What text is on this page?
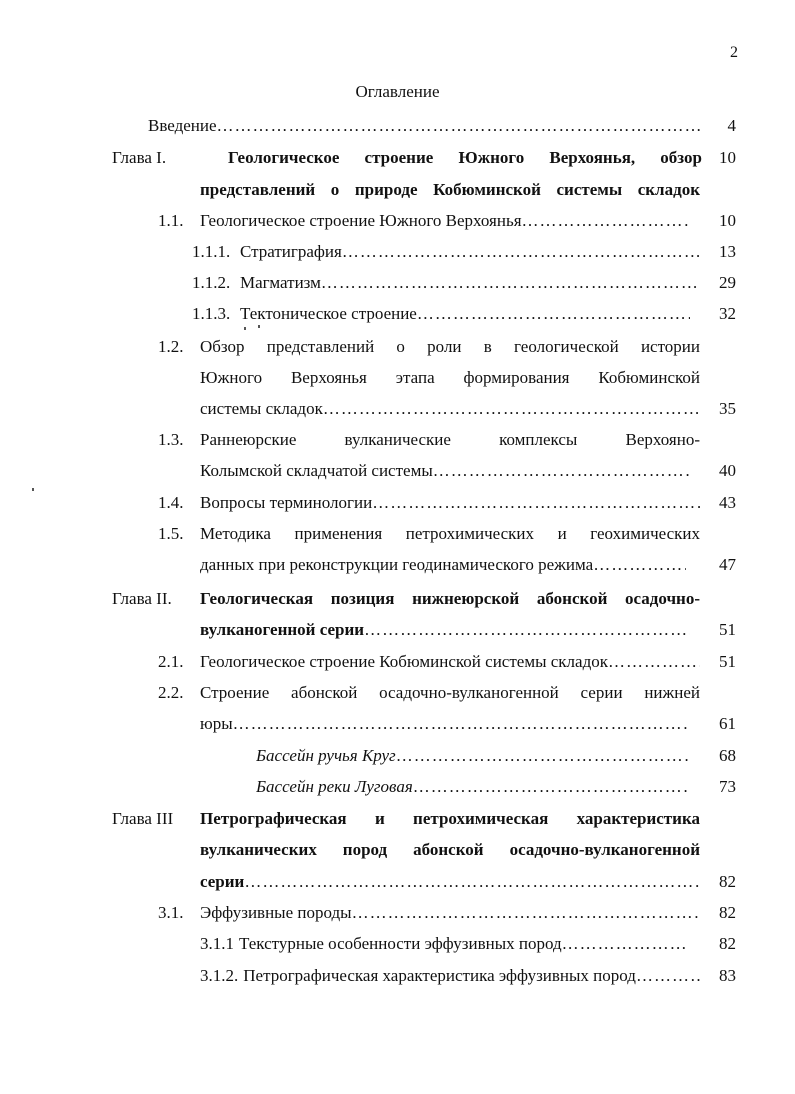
2
Оглавление
Введение ……………………………………………………………………………………………………………………………………………	4
Глава I.	Геологическое строение Южного Верхоянья, обзор	10
представлений о природе Кобюминской системы складок
1.1. Геологическое строение Южного Верхоянья ……………………………………………………………………………………………………………………………………………	10
1.1.1. Стратиграфия ……………………………………………………………………………………………………………………………………………	13
1.1.2. Магматизм ……………………………………………………………………………………………………………………………………………	29
1.1.3. Тектоническое строение ……………………………………………………………………………………………………………………………………………	32
1.2. Обзор представлений о роли в геологической истории
Южного Верхоянья этапа формирования Кобюминской
системы складок ……………………………………………………………………………………………………………………………………………	35
1.3. Раннеюрские вулканические комплексы Верхояно-
Колымской складчатой системы ……………………………………………………………………………………………………………………………………………	40
1.4. Вопросы терминологии ……………………………………………………………………………………………………………………………………………	43
1.5. Методика применения петрохимических и геохимических
данных при реконструкции геодинамического режима ……………………………………………………………………………………………………………………………………………	47
Глава II. Геологическая позиция нижнеюрской абонской осадочно-
вулканогенной серии ……………………………………………………………………………………………………………………………………………	51
2.1. Геологическое строение Кобюминской системы складок ……………………………………………………………………………………………………………………………………………	51
2.2. Строение абонской осадочно-вулканогенной серии нижней
юры ……………………………………………………………………………………………………………………………………………	61
Бассейн ручья Круг ……………………………………………………………………………………………………………………………………………	68
Бассейн реки Луговая ……………………………………………………………………………………………………………………………………………	73
Глава III Петрографическая и петрохимическая характеристика
вулканических пород абонской осадочно-вулканогенной
серии ……………………………………………………………………………………………………………………………………………	82
3.1. Эффузивные породы ……………………………………………………………………………………………………………………………………………	82
3.1.1 Текстурные особенности эффузивных пород ……………………………………………………………………………………………………………………………………………	82
3.1.2. Петрографическая характеристика эффузивных пород ……………………………………………………………………………………………………………………………………………	83
